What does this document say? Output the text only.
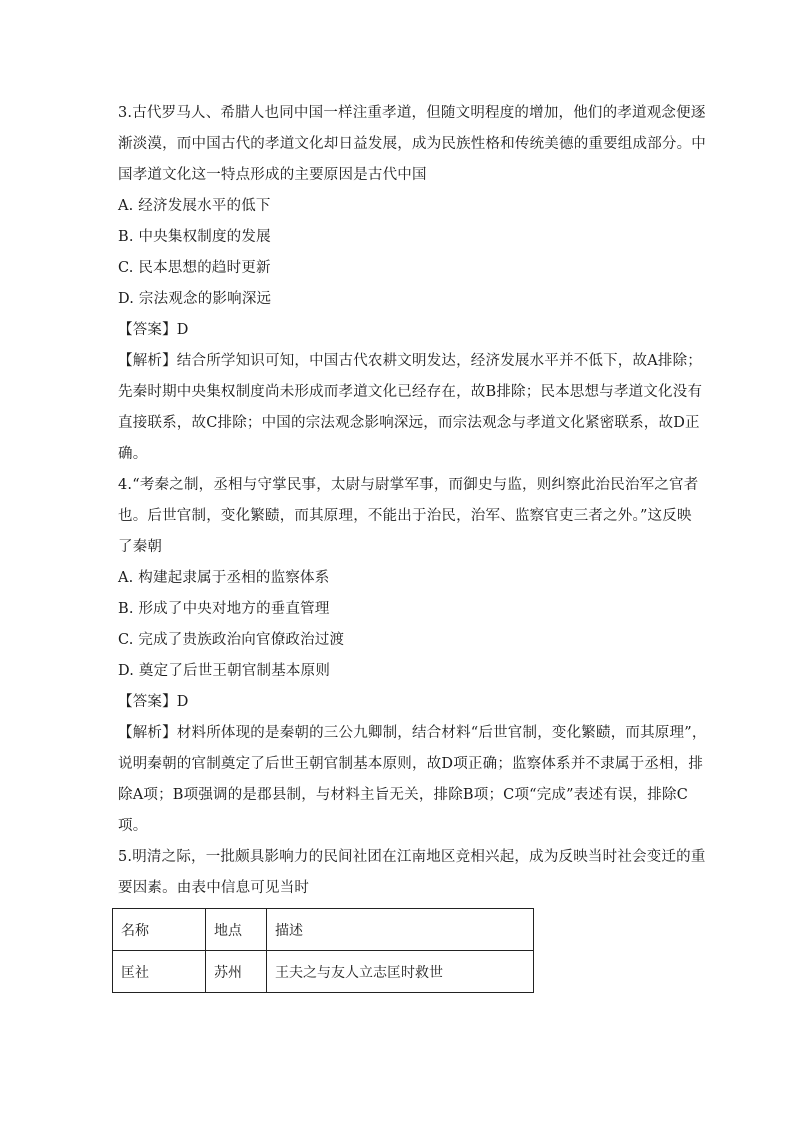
3.古代罗马人、希腊人也同中国一样注重孝道，但随文明程度的增加，他们的孝道观念便逐
渐淡漠，而中国古代的孝道文化却日益发展，成为民族性格和传统美德的重要组成部分。中
国孝道文化这一特点形成的主要原因是古代中国
A. 经济发展水平的低下
B. 中央集权制度的发展
C. 民本思想的趋时更新
D. 宗法观念的影响深远
【答案】D
【解析】结合所学知识可知，中国古代农耕文明发达，经济发展水平并不低下，故A排除；
先秦时期中央集权制度尚未形成而孝道文化已经存在，故B排除；民本思想与孝道文化没有
直接联系，故C排除；中国的宗法观念影响深远，而宗法观念与孝道文化紧密联系，故D正
确。
4.“考秦之制，丞相与守掌民事，太尉与尉掌军事，而御史与监，则纠察此治民治军之官者
也。后世官制，变化繁赜，而其原理，不能出于治民，治军、监察官吏三者之外。”这反映
了秦朝
A. 构建起隶属于丞相的监察体系
B. 形成了中央对地方的垂直管理
C. 完成了贵族政治向官僚政治过渡
D. 奠定了后世王朝官制基本原则
【答案】D
【解析】材料所体现的是秦朝的三公九卿制，结合材料“后世官制，变化繁赜，而其原理”，
说明秦朝的官制奠定了后世王朝官制基本原则，故D项正确；监察体系并不隶属于丞相，排
除A项；B项强调的是郡县制，与材料主旨无关，排除B项；C项“完成”表述有误，排除C
项。
5.明清之际，一批颇具影响力的民间社团在江南地区竞相兴起，成为反映当时社会变迁的重
要因素。由表中信息可见当时
名称	地点	描述
匡社	苏州	王夫之与友人立志匡时救世
